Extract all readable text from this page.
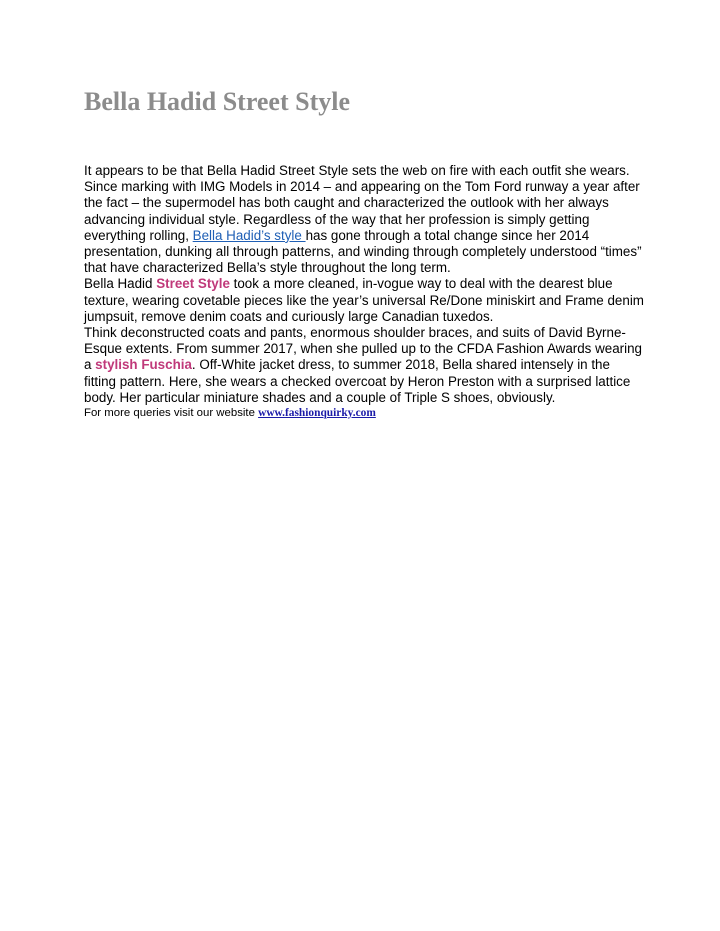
Bella Hadid Street Style

It appears to be that Bella Hadid Street Style sets the web on fire with each outfit she wears. Since marking with IMG Models in 2014 – and appearing on the Tom Ford runway a year after the fact – the supermodel has both caught and characterized the outlook with her always advancing individual style. Regardless of the way that her profession is simply getting everything rolling, Bella Hadid’s style has gone through a total change since her 2014 presentation, dunking all through patterns, and winding through completely understood “times” that have characterized Bella’s style throughout the long term.

Bella Hadid Street Style took a more cleaned, in-vogue way to deal with the dearest blue texture, wearing covetable pieces like the year’s universal Re/Done miniskirt and Frame denim jumpsuit, remove denim coats and curiously large Canadian tuxedos.

Think deconstructed coats and pants, enormous shoulder braces, and suits of David Byrne-Esque extents. From summer 2017, when she pulled up to the CFDA Fashion Awards wearing a stylish Fuschia. Off-White jacket dress, to summer 2018, Bella shared intensely in the fitting pattern. Here, she wears a checked overcoat by Heron Preston with a surprised lattice body. Her particular miniature shades and a couple of Triple S shoes, obviously.

For more queries visit our website www.fashionquirky.com
